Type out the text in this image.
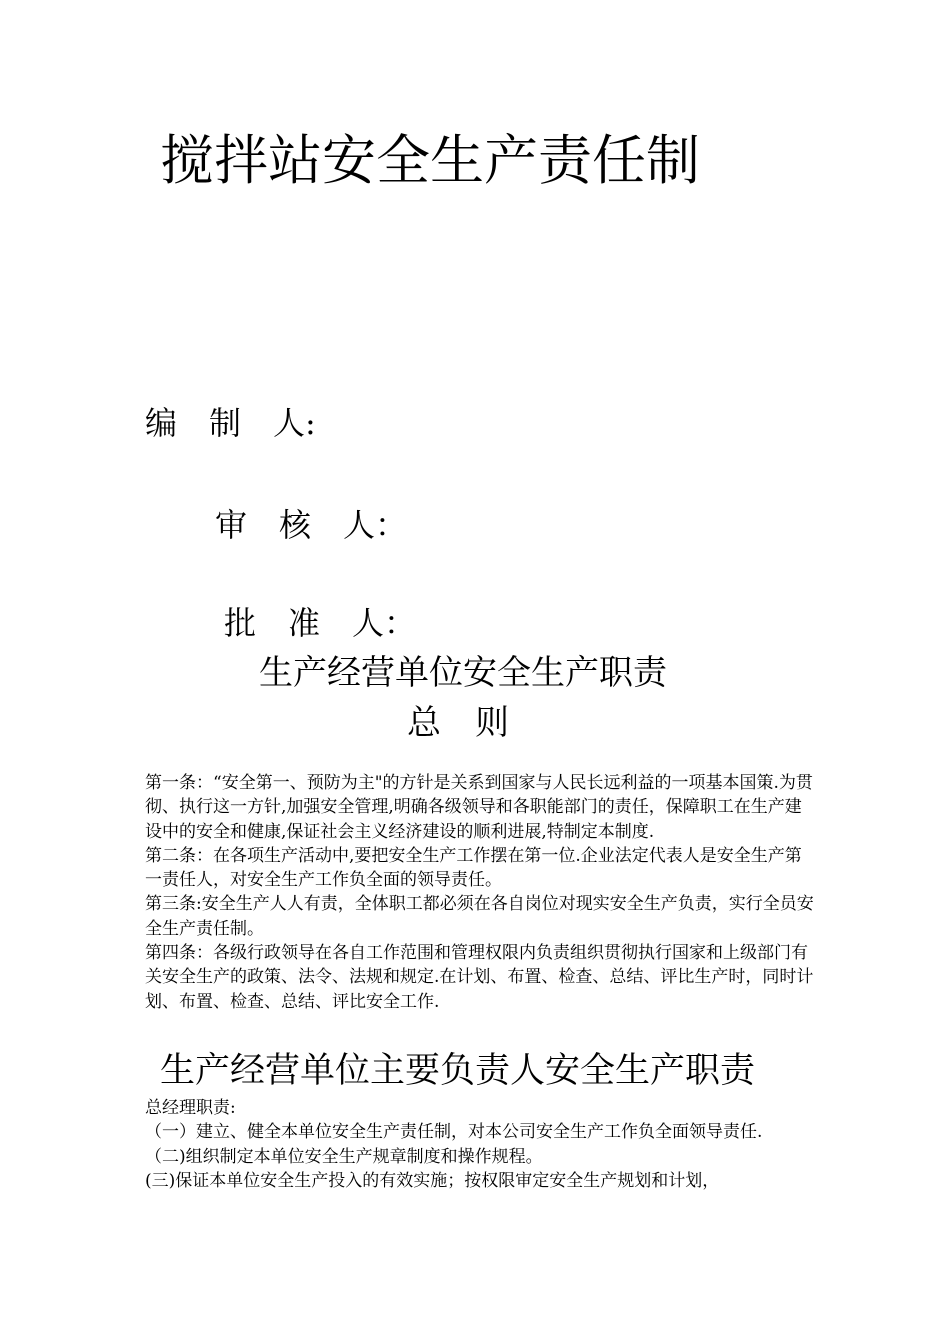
搅拌站安全生产责任制
编　制　人:
审　核　人：
批　准　人：
生产经营单位安全生产职责
总　则

第一条：“安全第一、预防为主"的方针是关系到国家与人民长远利益的一项基本国策.为贯彻、执行这一方针,加强安全管理,明确各级领导和各职能部门的责任，保障职工在生产建设中的安全和健康,保证社会主义经济建设的顺利进展,特制定本制度.

第二条：在各项生产活动中,要把安全生产工作摆在第一位.企业法定代表人是安全生产第一责任人，对安全生产工作负全面的领导责任。

第三条:安全生产人人有责，全体职工都必须在各自岗位对现实安全生产负责，实行全员安全生产责任制。

第四条：各级行政领导在各自工作范围和管理权限内负责组织贯彻执行国家和上级部门有关安全生产的政策、法令、法规和规定.在计划、布置、检查、总结、评比生产时，同时计划、布置、检查、总结、评比安全工作.

生产经营单位主要负责人安全生产职责

总经理职责:

（一）建立、健全本单位安全生产责任制，对本公司安全生产工作负全面领导责任.

（二)组织制定本单位安全生产规章制度和操作规程。

(三)保证本单位安全生产投入的有效实施；按权限审定安全生产规划和计划，
